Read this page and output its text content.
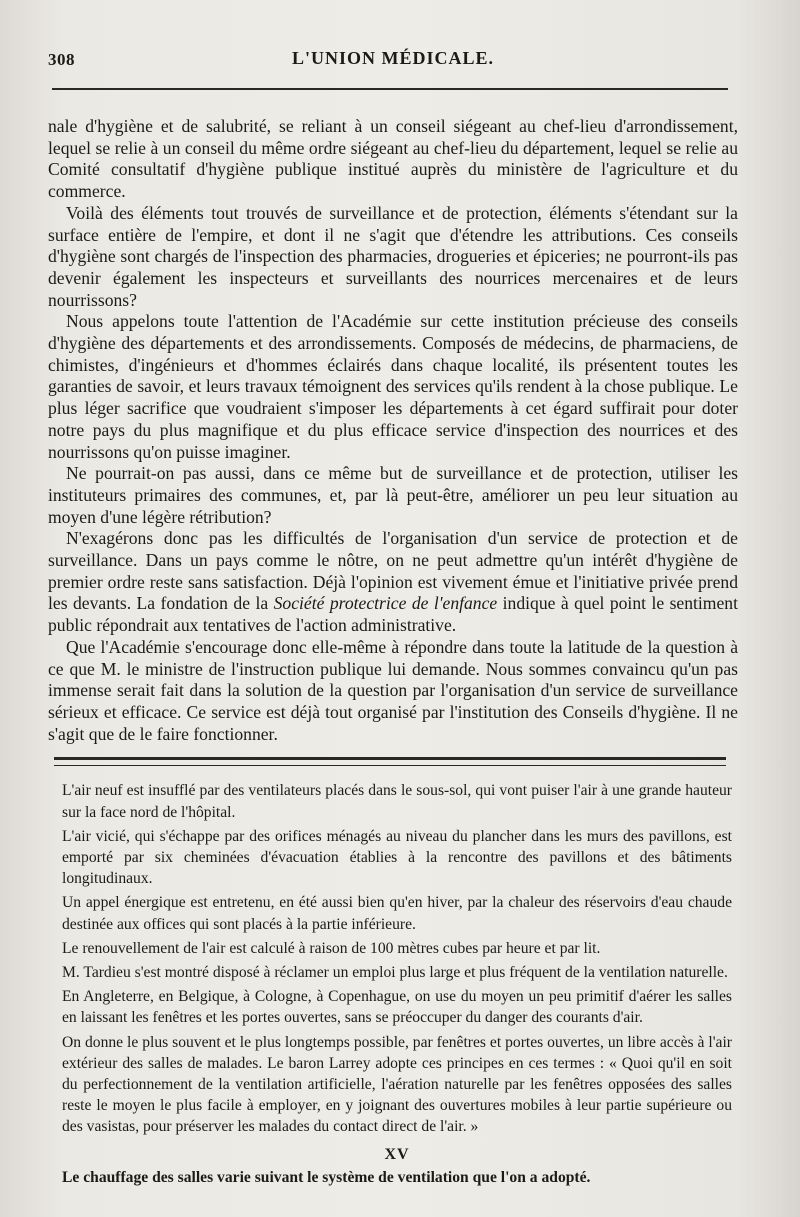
308	L'UNION MÉDICALE.

nale d'hygiène et de salubrité, se reliant à un conseil siégeant au chef-lieu d'arrondissement, lequel se relie à un conseil du même ordre siégeant au chef-lieu du département, lequel se relie au Comité consultatif d'hygiène publique institué auprès du ministère de l'agriculture et du commerce.

Voilà des éléments tout trouvés de surveillance et de protection, éléments s'étendant sur la surface entière de l'empire, et dont il ne s'agit que d'étendre les attributions. Ces conseils d'hygiène sont chargés de l'inspection des pharmacies, drogueries et épiceries; ne pourront-ils pas devenir également les inspecteurs et surveillants des nourrices mercenaires et de leurs nourrissons?

Nous appelons toute l'attention de l'Académie sur cette institution précieuse des conseils d'hygiène des départements et des arrondissements. Composés de médecins, de pharmaciens, de chimistes, d'ingénieurs et d'hommes éclairés dans chaque localité, ils présentent toutes les garanties de savoir, et leurs travaux témoignent des services qu'ils rendent à la chose publique. Le plus léger sacrifice que voudraient s'imposer les départements à cet égard suffirait pour doter notre pays du plus magnifique et du plus efficace service d'inspection des nourrices et des nourrissons qu'on puisse imaginer.

Ne pourrait-on pas aussi, dans ce même but de surveillance et de protection, utiliser les instituteurs primaires des communes, et, par là peut-être, améliorer un peu leur situation au moyen d'une légère rétribution?

N'exagérons donc pas les difficultés de l'organisation d'un service de protection et de surveillance. Dans un pays comme le nôtre, on ne peut admettre qu'un intérêt d'hygiène de premier ordre reste sans satisfaction. Déjà l'opinion est vivement émue et l'initiative privée prend les devants. La fondation de la Société protectrice de l'enfance indique à quel point le sentiment public répondrait aux tentatives de l'action administrative.

Que l'Académie s'encourage donc elle-même à répondre dans toute la latitude de la question à ce que M. le ministre de l'instruction publique lui demande. Nous sommes convaincu qu'un pas immense serait fait dans la solution de la question par l'organisation d'un service de surveillance sérieux et efficace. Ce service est déjà tout organisé par l'institution des Conseils d'hygiène. Il ne s'agit que de le faire fonctionner.

L'air neuf est insufflé par des ventilateurs placés dans le sous-sol, qui vont puiser l'air à une grande hauteur sur la face nord de l'hôpital.

L'air vicié, qui s'échappe par des orifices ménagés au niveau du plancher dans les murs des pavillons, est emporté par six cheminées d'évacuation établies à la rencontre des pavillons et des bâtiments longitudinaux.

Un appel énergique est entretenu, en été aussi bien qu'en hiver, par la chaleur des réservoirs d'eau chaude destinée aux offices qui sont placés à la partie inférieure.

Le renouvellement de l'air est calculé à raison de 100 mètres cubes par heure et par lit.

M. Tardieu s'est montré disposé à réclamer un emploi plus large et plus fréquent de la ventilation naturelle.

En Angleterre, en Belgique, à Cologne, à Copenhague, on use du moyen un peu primitif d'aérer les salles en laissant les fenêtres et les portes ouvertes, sans se préoccuper du danger des courants d'air.

On donne le plus souvent et le plus longtemps possible, par fenêtres et portes ouvertes, un libre accès à l'air extérieur des salles de malades. Le baron Larrey adopte ces principes en ces termes : « Quoi qu'il en soit du perfectionnement de la ventilation artificielle, l'aération naturelle par les fenêtres opposées des salles reste le moyen le plus facile à employer, en y joignant des ouvertures mobiles à leur partie supérieure ou des vasistas, pour préserver les malades du contact direct de l'air. »

XV

Le chauffage des salles varie suivant le système de ventilation que l'on a adopté.
